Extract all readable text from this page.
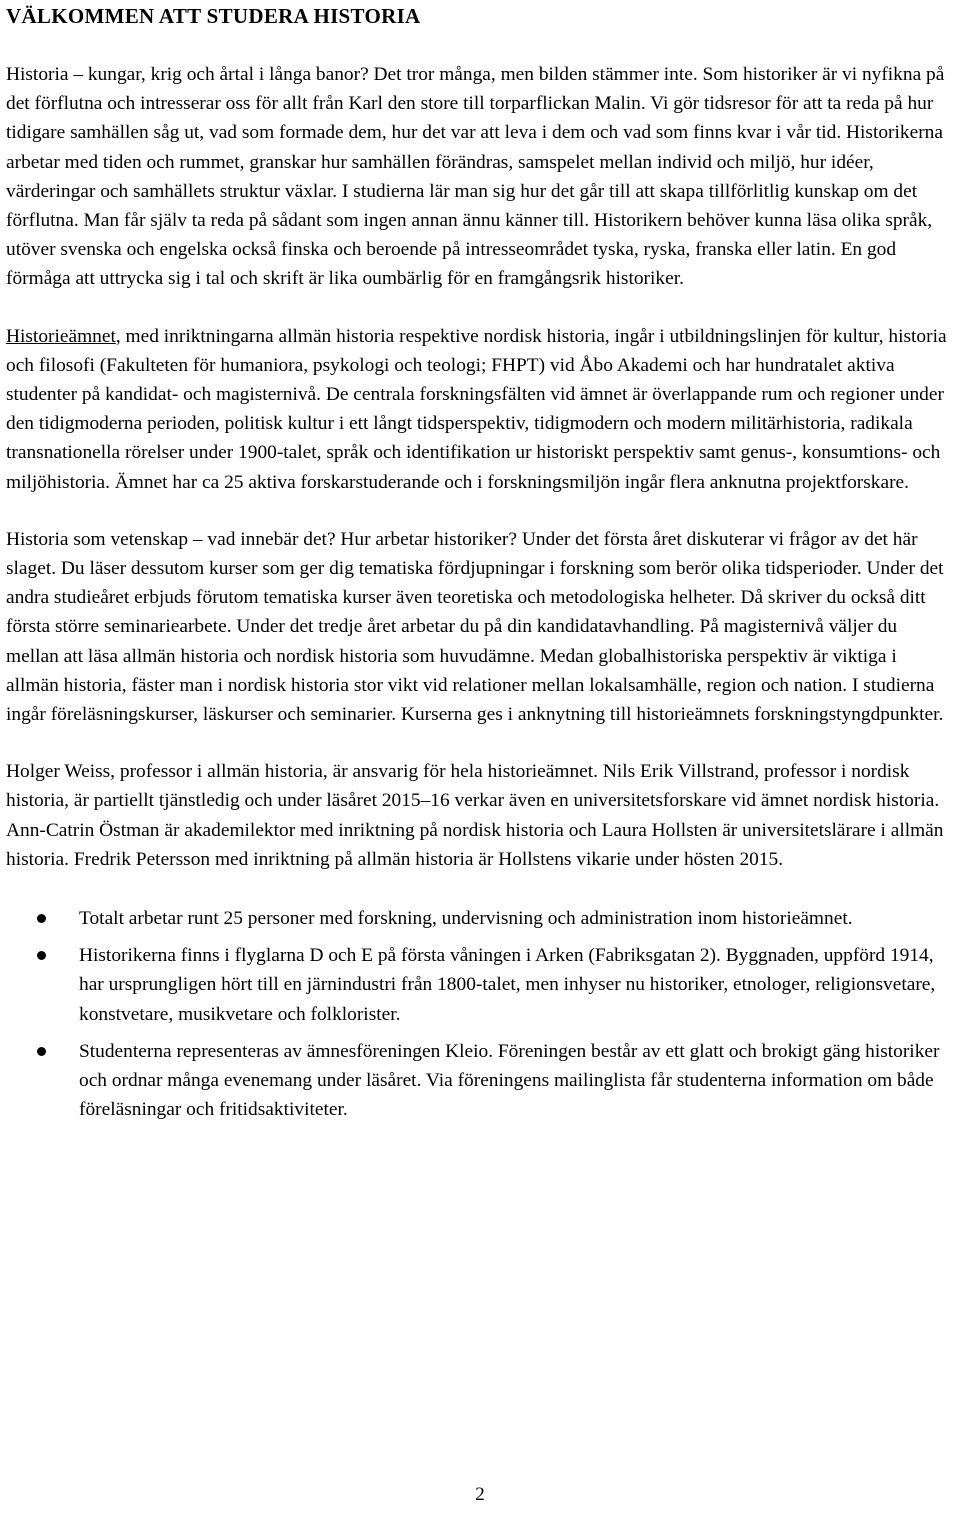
VÄLKOMMEN ATT STUDERA HISTORIA

Historia – kungar, krig och årtal i långa banor? Det tror många, men bilden stämmer inte. Som historiker är vi nyfikna på det förflutna och intresserar oss för allt från Karl den store till torparflickan Malin. Vi gör tidsresor för att ta reda på hur tidigare samhällen såg ut, vad som formade dem, hur det var att leva i dem och vad som finns kvar i vår tid. Historikerna arbetar med tiden och rummet, granskar hur samhällen förändras, samspelet mellan individ och miljö, hur idéer, värderingar och samhällets struktur växlar. I studierna lär man sig hur det går till att skapa tillförlitlig kunskap om det förflutna. Man får själv ta reda på sådant som ingen annan ännu känner till. Historikern behöver kunna läsa olika språk, utöver svenska och engelska också finska och beroende på intresseområdet tyska, ryska, franska eller latin. En god förmåga att uttrycka sig i tal och skrift är lika oumbärlig för en framgångsrik historiker.

Historieämnet, med inriktningarna allmän historia respektive nordisk historia, ingår i utbildningslinjen för kultur, historia och filosofi (Fakulteten för humaniora, psykologi och teologi; FHPT) vid Åbo Akademi och har hundratalet aktiva studenter på kandidat- och magisternivå. De centrala forskningsfälten vid ämnet är överlappande rum och regioner under den tidigmoderna perioden, politisk kultur i ett långt tidsperspektiv, tidigmodern och modern militärhistoria, radikala transnationella rörelser under 1900-talet, språk och identifikation ur historiskt perspektiv samt genus-, konsumtions- och miljöhistoria. Ämnet har ca 25 aktiva forskarstuderande och i forskningsmiljön ingår flera anknutna projektforskare.

Historia som vetenskap – vad innebär det? Hur arbetar historiker? Under det första året diskuterar vi frågor av det här slaget. Du läser dessutom kurser som ger dig tematiska fördjupningar i forskning som berör olika tidsperioder. Under det andra studieåret erbjuds förutom tematiska kurser även teoretiska och metodologiska helheter. Då skriver du också ditt första större seminariearbete. Under det tredje året arbetar du på din kandidatavhandling. På magisternivå väljer du mellan att läsa allmän historia och nordisk historia som huvudämne. Medan globalhistoriska perspektiv är viktiga i allmän historia, fäster man i nordisk historia stor vikt vid relationer mellan lokalsamhälle, region och nation. I studierna ingår föreläsningskurser, läskurser och seminarier. Kurserna ges i anknytning till historieämnets forskningstyngdpunkter.

Holger Weiss, professor i allmän historia, är ansvarig för hela historieämnet. Nils Erik Villstrand, professor i nordisk historia, är partiellt tjänstledig och under läsåret 2015–16 verkar även en universitetsforskare vid ämnet nordisk historia. Ann-Catrin Östman är akademilektor med inriktning på nordisk historia och Laura Hollsten är universitetslärare i allmän historia. Fredrik Petersson med inriktning på allmän historia är Hollstens vikarie under hösten 2015.

Totalt arbetar runt 25 personer med forskning, undervisning och administration inom historieämnet.
Historikerna finns i flyglarna D och E på första våningen i Arken (Fabriksgatan 2). Byggnaden, uppförd 1914, har ursprungligen hört till en järnindustri från 1800-talet, men inhyser nu historiker, etnologer, religionsvetare, konstvetare, musikvetare och folklorister.
Studenterna representeras av ämnesföreningen Kleio. Föreningen består av ett glatt och brokigt gäng historiker och ordnar många evenemang under läsåret. Via föreningens mailinglista får studenterna information om både föreläsningar och fritidsaktiviteter.
2
